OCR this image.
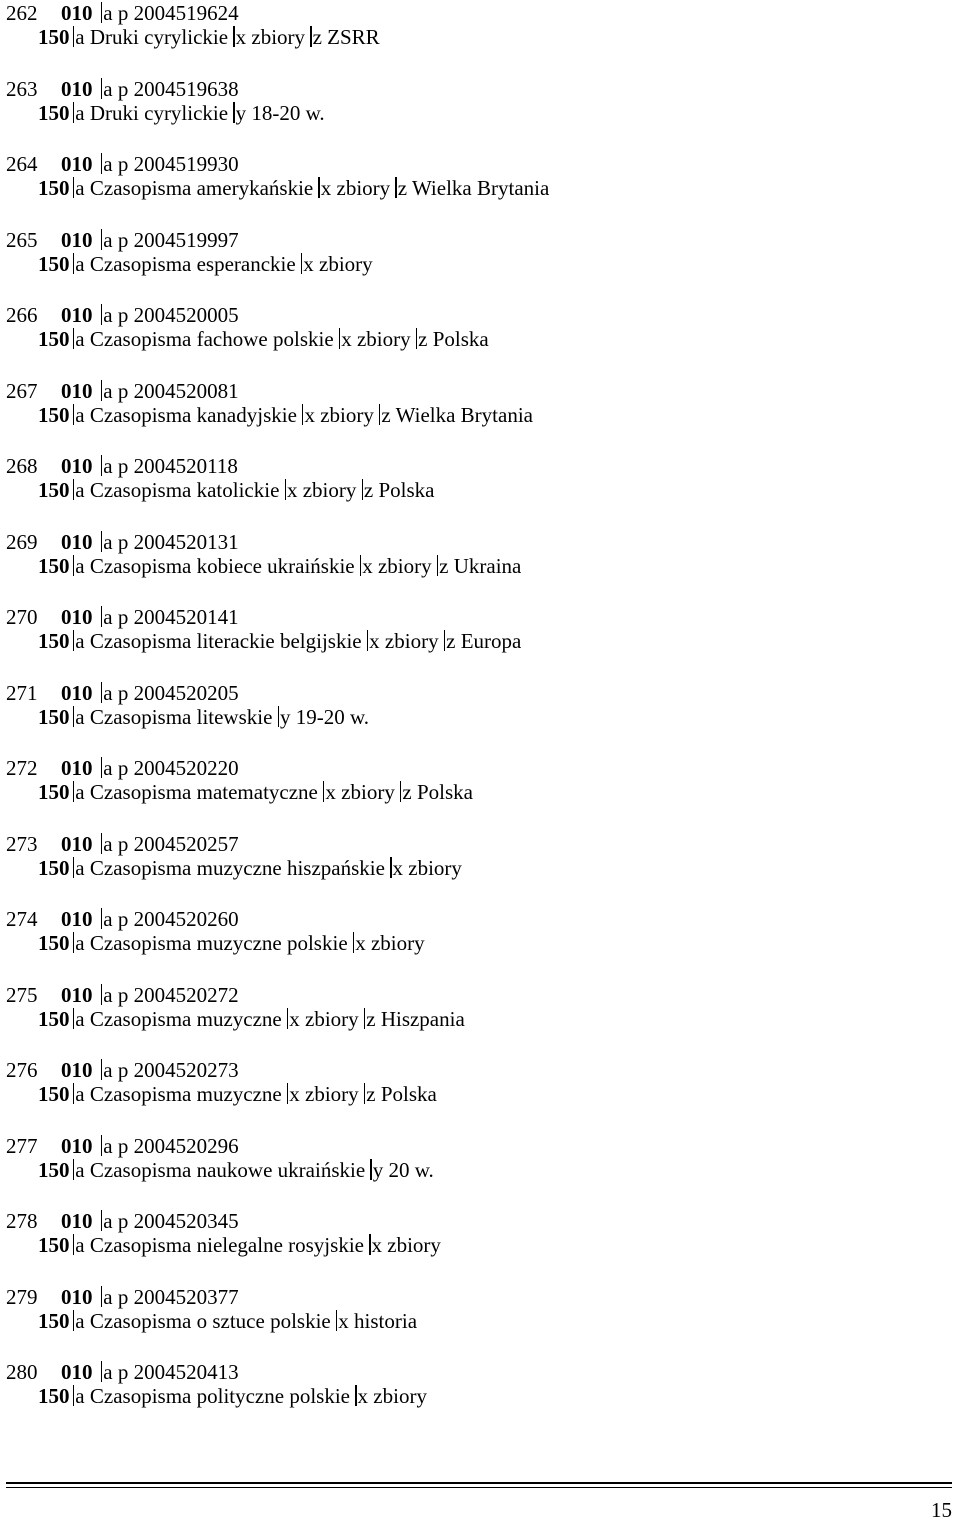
262 010 a p 2004519624
150 a Druki cyrylickie x zbiory z ZSRR
263 010 a p 2004519638
150 a Druki cyrylickie y 18-20 w.
264 010 a p 2004519930
150 a Czasopisma amerykańskie x zbiory z Wielka Brytania
265 010 a p 2004519997
150 a Czasopisma esperanckie x zbiory
266 010 a p 2004520005
150 a Czasopisma fachowe polskie x zbiory z Polska
267 010 a p 2004520081
150 a Czasopisma kanadyjskie x zbiory z Wielka Brytania
268 010 a p 2004520118
150 a Czasopisma katolickie x zbiory z Polska
269 010 a p 2004520131
150 a Czasopisma kobiece ukraińskie x zbiory z Ukraina
270 010 a p 2004520141
150 a Czasopisma literackie belgijskie x zbiory z Europa
271 010 a p 2004520205
150 a Czasopisma litewskie y 19-20 w.
272 010 a p 2004520220
150 a Czasopisma matematyczne x zbiory z Polska
273 010 a p 2004520257
150 a Czasopisma muzyczne hiszpańskie x zbiory
274 010 a p 2004520260
150 a Czasopisma muzyczne polskie x zbiory
275 010 a p 2004520272
150 a Czasopisma muzyczne x zbiory z Hiszpania
276 010 a p 2004520273
150 a Czasopisma muzyczne x zbiory z Polska
277 010 a p 2004520296
150 a Czasopisma naukowe ukraińskie y 20 w.
278 010 a p 2004520345
150 a Czasopisma nielegalne rosyjskie x zbiory
279 010 a p 2004520377
150 a Czasopisma o sztuce polskie x historia
280 010 a p 2004520413
150 a Czasopisma polityczne polskie x zbiory
15
